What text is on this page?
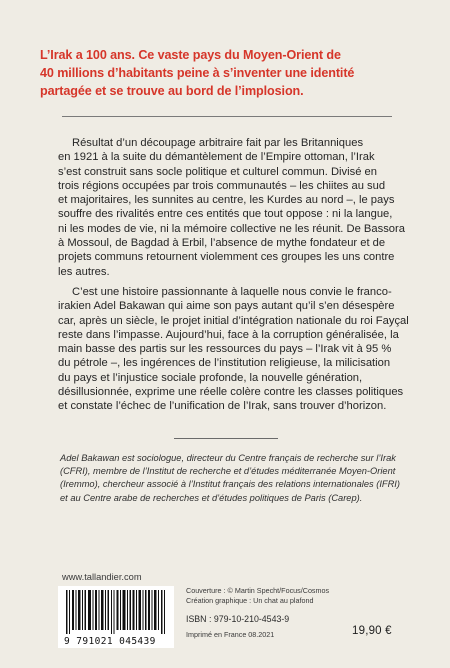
L’Irak a 100 ans. Ce vaste pays du Moyen-Orient de
40 millions d’habitants peine à s’inventer une identité
partagée et se trouve au bord de l’implosion.
Résultat d’un découpage arbitraire fait par les Britanniques
en 1921 à la suite du démantèlement de l’Empire ottoman, l’Irak
s’est construit sans socle politique et culturel commun. Divisé en
trois régions occupées par trois communautés – les chiites au sud
et majoritaires, les sunnites au centre, les Kurdes au nord –, le pays
souffre des rivalités entre ces entités que tout oppose : ni la langue,
ni les modes de vie, ni la mémoire collective ne les réunit. De Bassora
à Mossoul, de Bagdad à Erbil, l’absence de mythe fondateur et de
projets communs retournent violemment ces groupes les uns contre
les autres.
C’est une histoire passionnante à laquelle nous convie le franco-
irakien Adel Bakawan qui aime son pays autant qu’il s’en désespère
car, après un siècle, le projet initial d’intégration nationale du roi Fayçal
reste dans l’impasse. Aujourd’hui, face à la corruption généralisée, la
main basse des partis sur les ressources du pays – l’Irak vit à 95 %
du pétrole –, les ingérences de l’institution religieuse, la milicisation
du pays et l’injustice sociale profonde, la nouvelle génération,
désillusionnée, exprime une réelle colère contre les classes politiques
et constate l’échec de l’unification de l’Irak, sans trouver d’horizon.
Adel Bakawan est sociologue, directeur du Centre français de recherche sur l’Irak
(CFRI), membre de l’Institut de recherche et d’études méditerranée Moyen-Orient
(Iremmo), chercheur associé à l’Institut français des relations internationales (IFRI)
et au Centre arabe de recherches et d’études politiques de Paris (Carep).
www.tallandier.com
9 791021 045439
Couverture : © Martin Specht/Focus/Cosmos
Création graphique : Un chat au plafond
ISBN : 979-10-210-4543-9
Imprimé en France 08.2021	19,90 €
